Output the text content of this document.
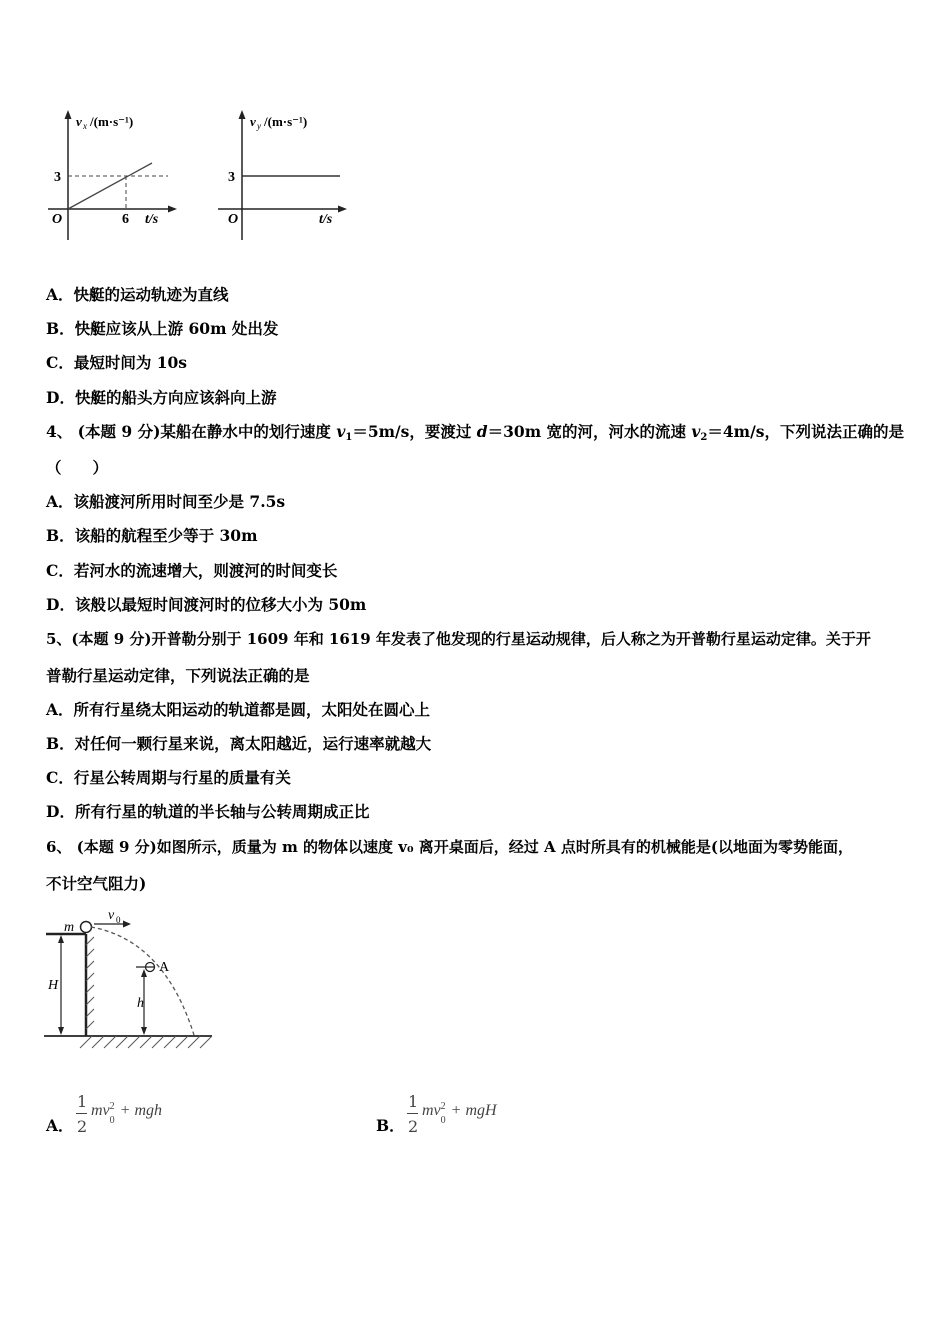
v x /(m·s⁻¹)
3
O	6 t/s
v y /(m·s⁻¹)
3
O	t/s
A．快艇的运动轨迹为直线
B．快艇应该从上游 60m 处出发
C．最短时间为 10s
D．快艇的船头方向应该斜向上游
4、 (本题 9 分)某船在静水中的划行速度 $v_1=5m/s$，要渡过 d＝30m 宽的河，河水的流速 $v_2=4m/s$，下列说法正确的是
（　　）
A．该船渡河所用时间至少是 7.5s
B．该船的航程至少等于 30m
C．若河水的流速增大，则渡河的时间变长
D．该般以最短时间渡河时的位移大小为 50m
5、(本题 9 分)开普勒分别于 1609 年和 1619 年发表了他发现的行星运动规律，后人称之为开普勒行星运动定律。关于开
普勒行星运动定律，下列说法正确的是
A．所有行星绕太阳运动的轨道都是圆，太阳处在圆心上
B．对任何一颗行星来说，离太阳越近，运行速率就越大
C．行星公转周期与行星的质量有关
D．所有行星的轨道的半长轴与公转周期成正比
6、 (本题 9 分)如图所示，质量为 m 的物体以速度 v₀ 离开桌面后，经过 A 点时所具有的机械能是(以地面为零势能面，
不计空气阻力)
m
v 0
A
H
h
A．
1
2
mv 2
0
+ mgh
B．
1
2
mv 2
0
+ mgH
